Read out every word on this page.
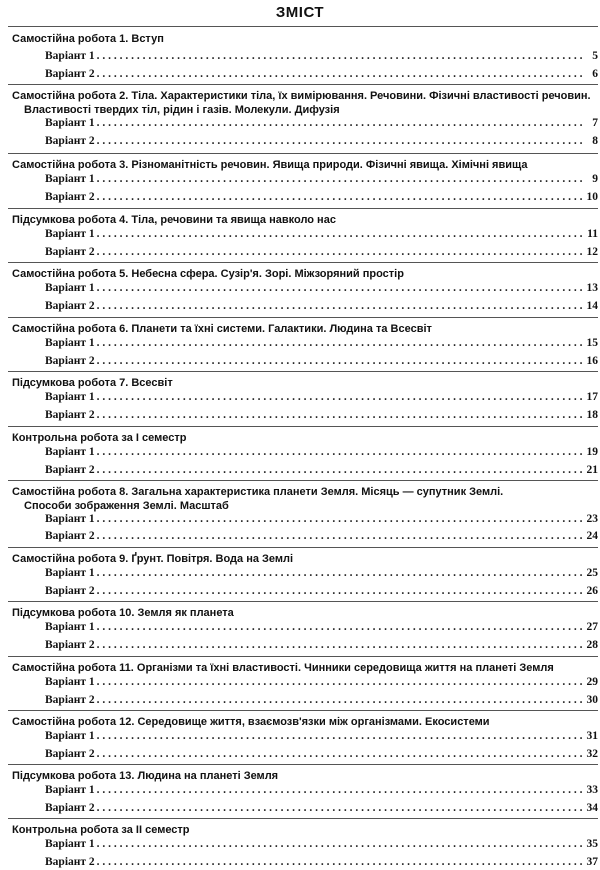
ЗМІСТ
Самостійна робота 1. Вступ
Варіант 1 . . .	5
Варіант 2 . . .	6
Самостійна робота 2. Тіла. Характеристики тіла, їх вимірювання. Речовини. Фізичні властивості речовин.
Властивості твердих тіл, рідин і газів. Молекули. Дифузія
Варіант 1 . . .	7
Варіант 2 . . .	8
Самостійна робота 3. Різноманітність речовин. Явища природи. Фізичні явища. Хімічні явища
Варіант 1 . . .	9
Варіант 2 . . .	10
Підсумкова робота 4. Тіла, речовини та явища навколо нас
Варіант 1 . . .	11
Варіант 2 . . .	12
Самостійна робота 5. Небесна сфера. Сузір'я. Зорі. Міжзоряний простір
Варіант 1 . . .	13
Варіант 2 . . .	14
Самостійна робота 6. Планети та їхні системи. Галактики. Людина та Всесвіт
Варіант 1 . . .	15
Варіант 2 . . .	16
Підсумкова робота 7. Всесвіт
Варіант 1 . . .	17
Варіант 2 . . .	18
Контрольна робота за І семестр
Варіант 1 . . .	19
Варіант 2 . . .	21
Самостійна робота 8. Загальна характеристика планети Земля. Місяць — супутник Землі.
Способи зображення Землі. Масштаб
Варіант 1 . . .	23
Варіант 2 . . .	24
Самостійна робота 9. Ґрунт. Повітря. Вода на Землі
Варіант 1 . . .	25
Варіант 2 . . .	26
Підсумкова робота 10. Земля як планета
Варіант 1 . . .	27
Варіант 2 . . .	28
Самостійна робота 11. Організми та їхні властивості. Чинники середовища життя на планеті Земля
Варіант 1 . . .	29
Варіант 2 . . .	30
Самостійна робота 12. Середовище життя, взаємозв'язки між організмами. Екосистеми
Варіант 1 . . .	31
Варіант 2 . . .	32
Підсумкова робота 13. Людина на планеті Земля
Варіант 1 . . .	33
Варіант 2 . . .	34
Контрольна робота за ІІ семестр
Варіант 1 . . .	35
Варіант 2 . . .	37
